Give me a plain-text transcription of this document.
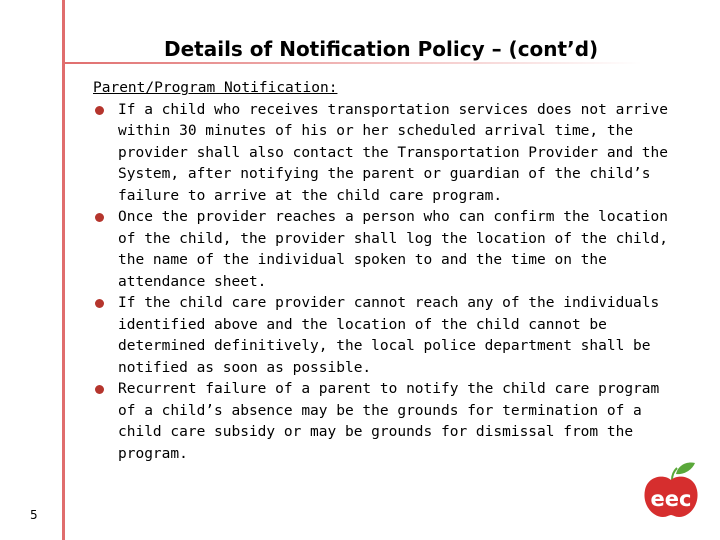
Details of Notification Policy – (cont’d)

Parent/Program Notification:

If a child who receives transportation services does not arrive within 30 minutes of his or her scheduled arrival time, the provider shall also contact the Transportation Provider and the System, after notifying the parent or guardian of the child’s failure to arrive at the child care program.
Once the provider reaches a person who can confirm the location of the child, the provider shall log the location of the child, the name of the individual spoken to and the time on the attendance sheet.
If the child care provider cannot reach any of the individuals identified above and the location of the child cannot be determined definitively, the local police department shall be notified as soon as possible.
Recurrent failure of a parent to notify the child care program of a child’s absence may be the grounds for termination of a child care subsidy or may be grounds for dismissal from the program.
5
eec
